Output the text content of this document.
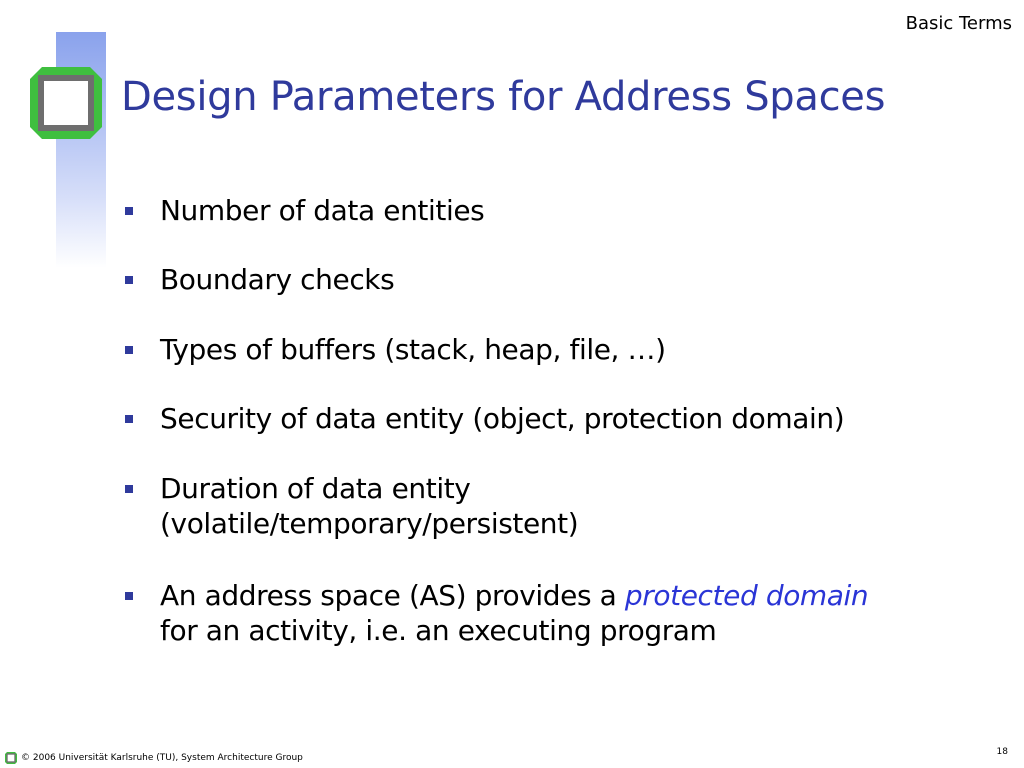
Basic Terms
Design Parameters for Address Spaces
Number of data entities
Boundary checks
Types of buffers (stack, heap, file, …)
Security of data entity (object, protection domain)
Duration of data entity (volatile/temporary/persistent)
An address space (AS) provides a protected domain
for an activity, i.e. an executing program
© 2006 Universität Karlsruhe (TU), System Architecture Group
18
